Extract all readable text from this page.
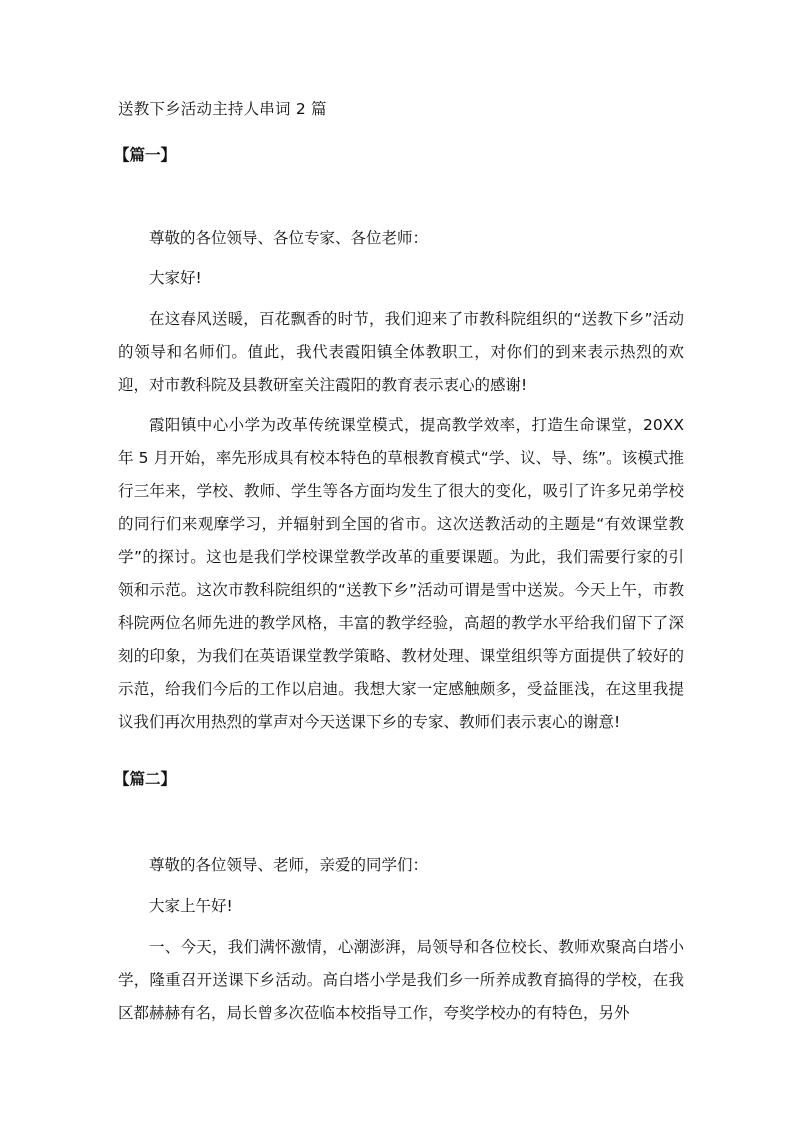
送教下乡活动主持人串词 2 篇
【篇一】

尊敬的各位领导、各位专家、各位老师：

大家好!

在这春风送暖，百花飘香的时节，我们迎来了市教科院组织的“送教下乡”活动的领导和名师们。值此，我代表霞阳镇全体教职工，对你们的到来表示热烈的欢迎，对市教科院及县教研室关注霞阳的教育表示衷心的感谢!

霞阳镇中心小学为改革传统课堂模式，提高教学效率，打造生命课堂，20XX 年 5 月开始，率先形成具有校本特色的草根教育模式“学、议、导、练”。该模式推行三年来，学校、教师、学生等各方面均发生了很大的变化，吸引了许多兄弟学校的同行们来观摩学习，并辐射到全国的省市。这次送教活动的主题是“有效课堂教学”的探讨。这也是我们学校课堂教学改革的重要课题。为此，我们需要行家的引领和示范。这次市教科院组织的“送教下乡”活动可谓是雪中送炭。今天上午，市教科院两位名师先进的教学风格，丰富的教学经验，高超的教学水平给我们留下了深刻的印象，为我们在英语课堂教学策略、教材处理、课堂组织等方面提供了较好的示范，给我们今后的工作以启迪。我想大家一定感触颇多，受益匪浅，在这里我提议我们再次用热烈的掌声对今天送课下乡的专家、教师们表示衷心的谢意!

【篇二】

尊敬的各位领导、老师，亲爱的同学们：

大家上午好!

一、今天，我们满怀激情，心潮澎湃，局领导和各位校长、教师欢聚高白塔小学，隆重召开送课下乡活动。高白塔小学是我们乡一所养成教育搞得的学校，在我区都赫赫有名，局长曾多次莅临本校指导工作，夸奖学校办的有特色，另外
